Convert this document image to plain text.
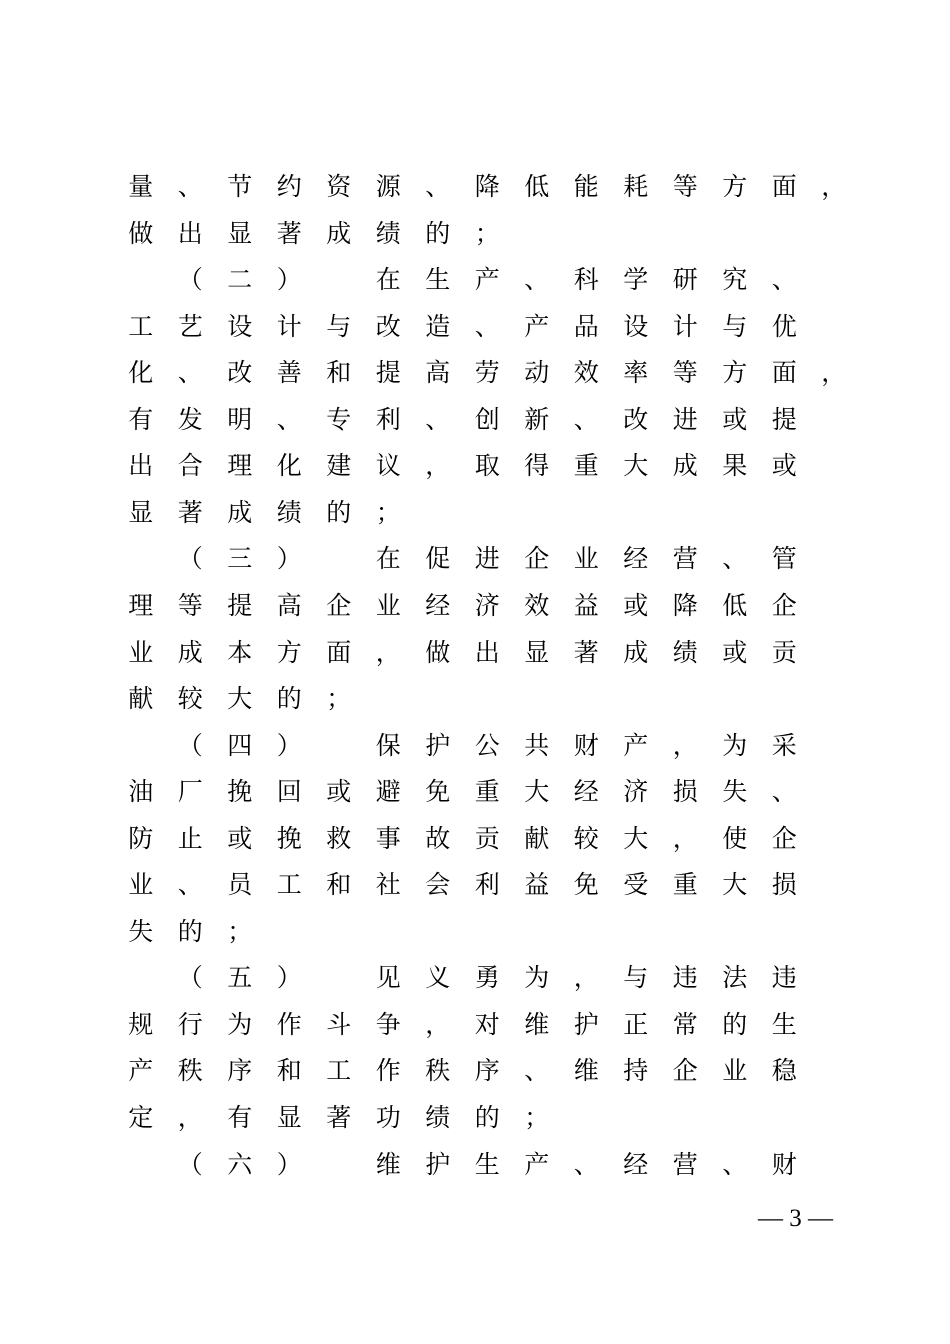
量 、 节 约 资 源 、 降 低 能 耗 等 方 面 ，
做 出 显 著 成 绩 的 ；

（ 二 ）
　	在 生 产 、 科 学 研 究 、
工 艺 设 计 与 改 造 、 产 品 设 计 与 优
化 、 改 善 和 提 高 劳 动 效 率 等 方 面 ，
有 发 明 、 专 利 、 创 新 、 改 进 或 提
出 合 理 化 建 议 ， 取 得 重 大 成 果 或
显 著 成 绩 的 ；

（ 三 ）
　	在 促 进 企 业 经 营 、 管
理 等 提 高 企 业 经 济 效 益 或 降 低 企
业 成 本 方 面 ， 做 出 显 著 成 绩 或 贡
献 较 大 的 ；

（ 四 ）
　	保 护 公 共 财 产 ， 为 采
油 厂 挽 回 或 避 免 重 大 经 济 损 失 、
防 止 或 挽 救 事 故 贡 献 较 大 ， 使 企
业 、 员 工 和 社 会 利 益 免 受 重 大 损
失 的 ；

（ 五 ）
　	见 义 勇 为 ， 与 违 法 违
规 行 为 作 斗 争 ， 对 维 护 正 常 的 生
产 秩 序 和 工 作 秩 序 、 维 持 企 业 稳
定 ， 有 显 著 功 绩 的 ；

（ 六 ）
　	维 护 生 产 、 经 营 、 财
— 3 —
